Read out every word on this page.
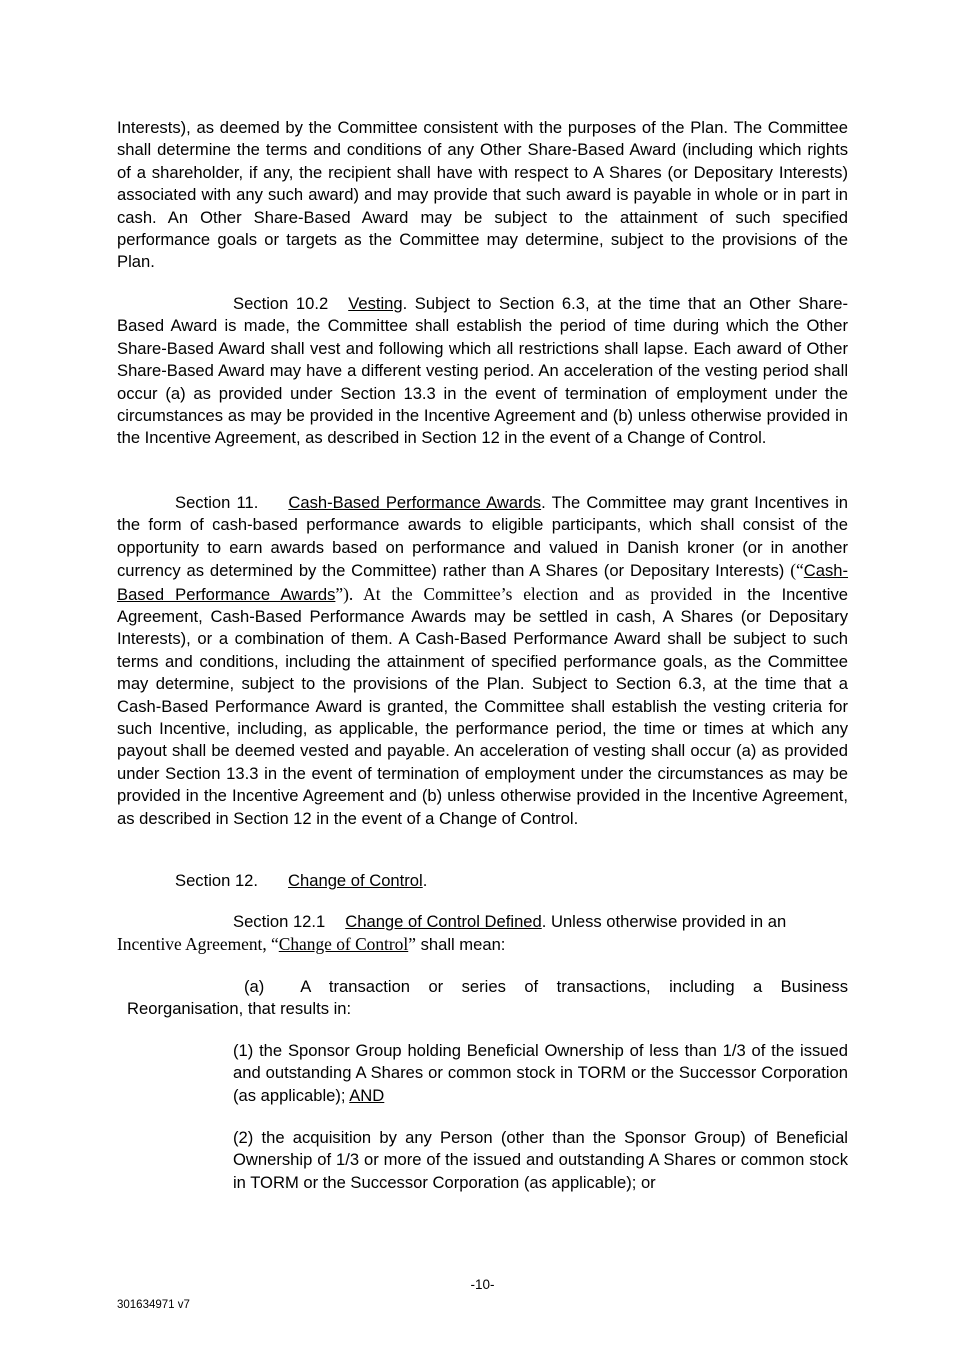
Interests), as deemed by the Committee consistent with the purposes of the Plan. The Committee shall determine the terms and conditions of any Other Share-Based Award (including which rights of a shareholder, if any, the recipient shall have with respect to A Shares (or Depositary Interests) associated with any such award) and may provide that such award is payable in whole or in part in cash. An Other Share-Based Award may be subject to the attainment of such specified performance goals or targets as the Committee may determine, subject to the provisions of the Plan.

Section 10.2 Vesting. Subject to Section 6.3, at the time that an Other Share-Based Award is made, the Committee shall establish the period of time during which the Other Share-Based Award shall vest and following which all restrictions shall lapse. Each award of Other Share-Based Award may have a different vesting period. An acceleration of the vesting period shall occur (a) as provided under Section 13.3 in the event of termination of employment under the circumstances as may be provided in the Incentive Agreement and (b) unless otherwise provided in the Incentive Agreement, as described in Section 12 in the event of a Change of Control.

Section 11. Cash-Based Performance Awards. The Committee may grant Incentives in the form of cash-based performance awards to eligible participants, which shall consist of the opportunity to earn awards based on performance and valued in Danish kroner (or in another currency as determined by the Committee) rather than A Shares (or Depositary Interests) (“Cash-Based Performance Awards”). At the Committee’s election and as provided in the Incentive Agreement, Cash-Based Performance Awards may be settled in cash, A Shares (or Depositary Interests), or a combination of them. A Cash-Based Performance Award shall be subject to such terms and conditions, including the attainment of specified performance goals, as the Committee may determine, subject to the provisions of the Plan. Subject to Section 6.3, at the time that a Cash-Based Performance Award is granted, the Committee shall establish the vesting criteria for such Incentive, including, as applicable, the performance period, the time or times at which any payout shall be deemed vested and payable. An acceleration of vesting shall occur (a) as provided under Section 13.3 in the event of termination of employment under the circumstances as may be provided in the Incentive Agreement and (b) unless otherwise provided in the Incentive Agreement, as described in Section 12 in the event of a Change of Control.

Section 12. Change of Control.

Section 12.1 Change of Control Defined. Unless otherwise provided in an
Incentive Agreement, “Change of Control” shall mean:

(a) A transaction or series of transactions, including a Business Reorganisation, that results in:

(1) the Sponsor Group holding Beneficial Ownership of less than 1/3 of the issued and outstanding A Shares or common stock in TORM or the Successor Corporation (as applicable); AND

(2) the acquisition by any Person (other than the Sponsor Group) of Beneficial Ownership of 1/3 or more of the issued and outstanding A Shares or common stock in TORM or the Successor Corporation (as applicable); or

-10-
301634971 v7
